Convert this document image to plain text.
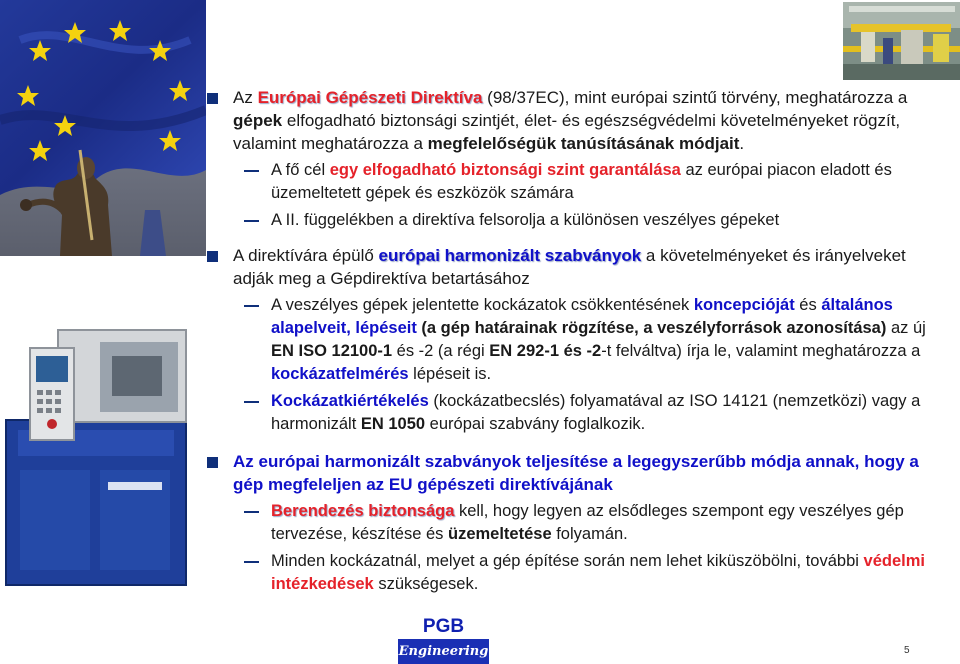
Az Európai Gépészeti Direktíva (98/37EC), mint európai szintű törvény, meghatározza a gépek elfogadható biztonsági szintjét, élet- és egészségvédelmi követelményeket rögzít, valamint meghatározza a megfelelőségük tanúsításának módjait.
A fő cél egy elfogadható biztonsági szint garantálása az európai piacon eladott és üzemeltetett gépek és eszközök számára
A II. függelékben a direktíva felsorolja a különösen veszélyes gépeket
A direktívára épülő európai harmonizált szabványok a követelményeket és irányelveket adják meg a Gépdirektíva betartásához
A veszélyes gépek jelentette kockázatok csökkentésének koncepcióját és általános alapelveit, lépéseit (a gép határainak rögzítése, a veszélyforrások azonosítása) az új EN ISO 12100-1 és -2 (a régi EN 292-1 és -2-t felváltva) írja le, valamint meghatározza a kockázatfelmérés lépéseit is.
Kockázatkiértékelés (kockázatbecslés) folyamatával az ISO 14121 (nemzetközi) vagy a harmonizált EN 1050 európai szabvány foglalkozik.
Az európai harmonizált szabványok teljesítése a legegyszerűbb módja annak, hogy a gép megfeleljen az EU gépészeti direktívájának
Berendezés biztonsága kell, hogy legyen az elsődleges szempont egy veszélyes gép tervezése, készítése és üzemeltetése folyamán.
Minden kockázatnál, melyet a gép építése során nem lehet kiküszöbölni, további védelmi intézkedések szükségesek.
PGB
Engineering	5
